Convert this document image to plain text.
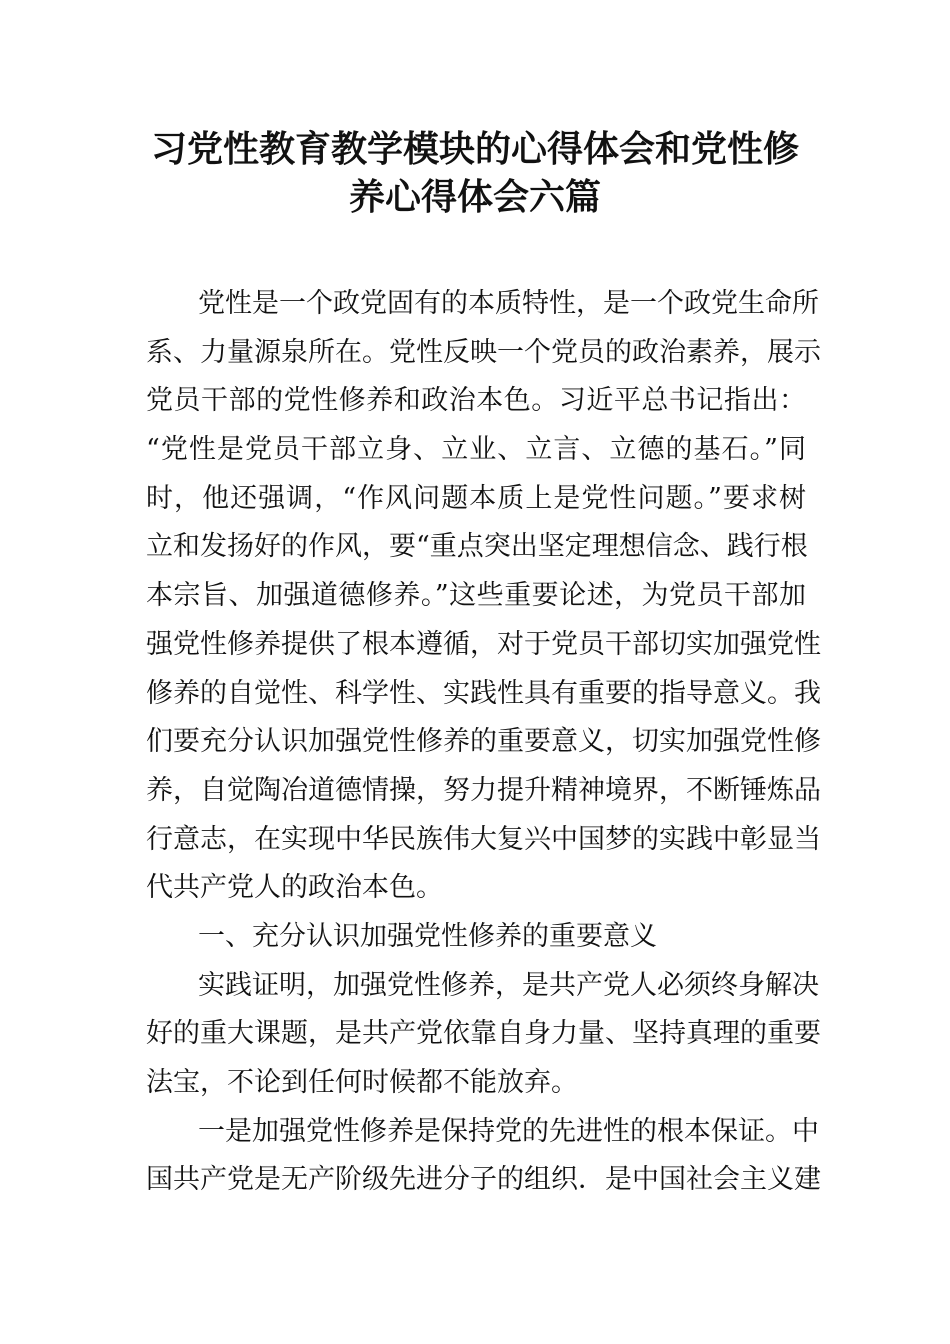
习党性教育教学模块的心得体会和党性修
养心得体会六篇
党性是一个政党固有的本质特性，是一个政党生命所
系、力量源泉所在。党性反映一个党员的政治素养，展示
党员干部的党性修养和政治本色。习近平总书记指出：
“党性是党员干部立身、立业、立言、立德的基石。”同
时，他还强调，“作风问题本质上是党性问题。”要求树
立和发扬好的作风，要“重点突出坚定理想信念、践行根
本宗旨、加强道德修养。”这些重要论述，为党员干部加
强党性修养提供了根本遵循，对于党员干部切实加强党性
修养的自觉性、科学性、实践性具有重要的指导意义。我
们要充分认识加强党性修养的重要意义，切实加强党性修
养，自觉陶冶道德情操，努力提升精神境界，不断锤炼品
行意志，在实现中华民族伟大复兴中国梦的实践中彰显当
代共产党人的政治本色。
一、充分认识加强党性修养的重要意义
实践证明，加强党性修养，是共产党人必须终身解决
好的重大课题，是共产党依靠自身力量、坚持真理的重要
法宝，不论到任何时候都不能放弃。
一是加强党性修养是保持党的先进性的根本保证。中
国共产党是无产阶级先进分子的组织．是中国社会主义建
